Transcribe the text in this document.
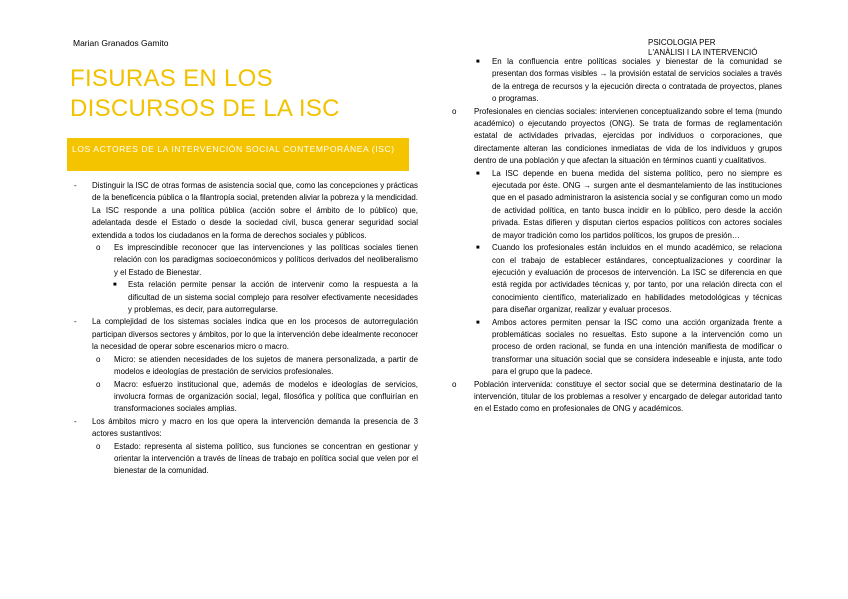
Marian Granados Gamito	PSICOLOGIA PER
L'ANÀLISI I LA INTERVENCIÓ
FISURAS EN LOS DISCURSOS DE LA ISC
LOS ACTORES DE LA INTERVENCIÓN SOCIAL CONTEMPORÁNEA (ISC)
- Distinguir la ISC de otras formas de asistencia social que, como las concepciones y prácticas de la beneficencia pública o la filantropía social, pretenden aliviar la pobreza y la mendicidad. La ISC responde a una política pública (acción sobre el ámbito de lo público) que, adelantada desde el Estado o desde la sociedad civil, busca generar seguridad social extendida a todos los ciudadanos en la forma de derechos sociales y públicos.
o Es imprescindible reconocer que las intervenciones y las políticas sociales tienen relación con los paradigmas socioeconómicos y políticos derivados del neoliberalismo y el Estado de Bienestar.
■ Esta relación permite pensar la acción de intervenir como la respuesta a la dificultad de un sistema social complejo para resolver efectivamente necesidades y problemas, es decir, para autorregularse.
- La complejidad de los sistemas sociales indica que en los procesos de autorregulación participan diversos sectores y ámbitos, por lo que la intervención debe idealmente reconocer la necesidad de operar sobre escenarios micro o macro.
o Micro: se atienden necesidades de los sujetos de manera personalizada, a partir de modelos e ideologías de prestación de servicios profesionales.
o Macro: esfuerzo institucional que, además de modelos e ideologías de servicios, involucra formas de organización social, legal, filosófica y política que confluirían en transformaciones sociales amplias.
- Los ámbitos micro y macro en los que opera la intervención demanda la presencia de 3 actores sustantivos:
o Estado: representa al sistema político, sus funciones se concentran en gestionar y orientar la intervención a través de líneas de trabajo en política social que velen por el bienestar de la comunidad.
■ En la confluencia entre políticas sociales y bienestar de la comunidad se presentan dos formas visibles → la provisión estatal de servicios sociales a través de la entrega de recursos y la ejecución directa o contratada de proyectos, planes o programas.
o Profesionales en ciencias sociales: intervienen conceptualizando sobre el tema (mundo académico) o ejecutando proyectos (ONG). Se trata de formas de reglamentación estatal de actividades privadas, ejercidas por individuos o corporaciones, que directamente alteran las condiciones inmediatas de vida de los individuos y grupos dentro de una población y que afectan la situación en términos cuanti y cualitativos.
■ La ISC depende en buena medida del sistema político, pero no siempre es ejecutada por éste. ONG → surgen ante el desmantelamiento de las instituciones que en el pasado administraron la asistencia social y se configuran como un modo de actividad política, en tanto busca incidir en lo público, pero desde la acción privada. Estas difieren y disputan ciertos espacios políticos con actores sociales de mayor tradición como los partidos políticos, los grupos de presión…
■ Cuando los profesionales están incluidos en el mundo académico, se relaciona con el trabajo de establecer estándares, conceptualizaciones y coordinar la ejecución y evaluación de procesos de intervención. La ISC se diferencia en que está regida por actividades técnicas y, por tanto, por una relación directa con el conocimiento científico, materializado en habilidades metodológicas y técnicas para diseñar organizar, realizar y evaluar procesos.
■ Ambos actores permiten pensar la ISC como una acción organizada frente a problemáticas sociales no resueltas. Esto supone a la intervención como un proceso de orden racional, se funda en una intención manifiesta de modificar o transformar una situación social que se considera indeseable e injusta, ante todo para el grupo que la padece.
o Población intervenida: constituye el sector social que se determina destinatario de la intervención, titular de los problemas a resolver y encargado de delegar autoridad tanto en el Estado como en profesionales de ONG y académicos.
